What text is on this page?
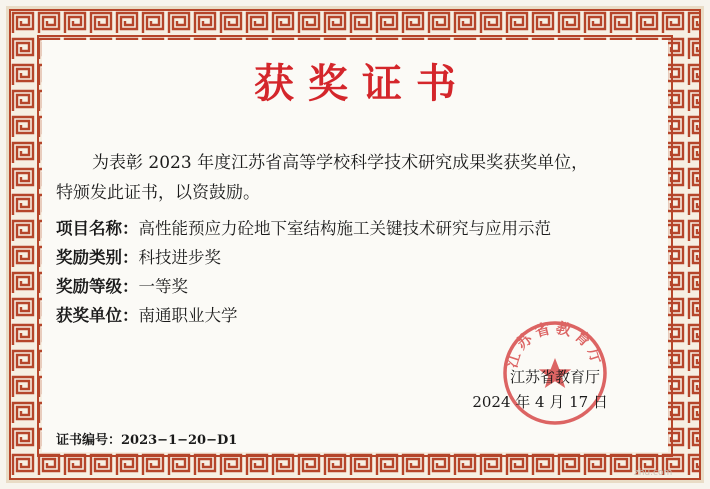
获奖证书
为表彰 2023 年度江苏省高等学校科学技术研究成果奖获奖单位，
特颁发此证书，以资鼓励。
项目名称：高性能预应力砼地下室结构施工关键技术研究与应用示范
奖励类别：科技进步奖
奖励等级：一等奖
获奖单位：南通职业大学
江苏省教育厅
江苏省教育厅
2024 年 4 月 17 日
证书编号：2023−1−20−D1
zhu.com
